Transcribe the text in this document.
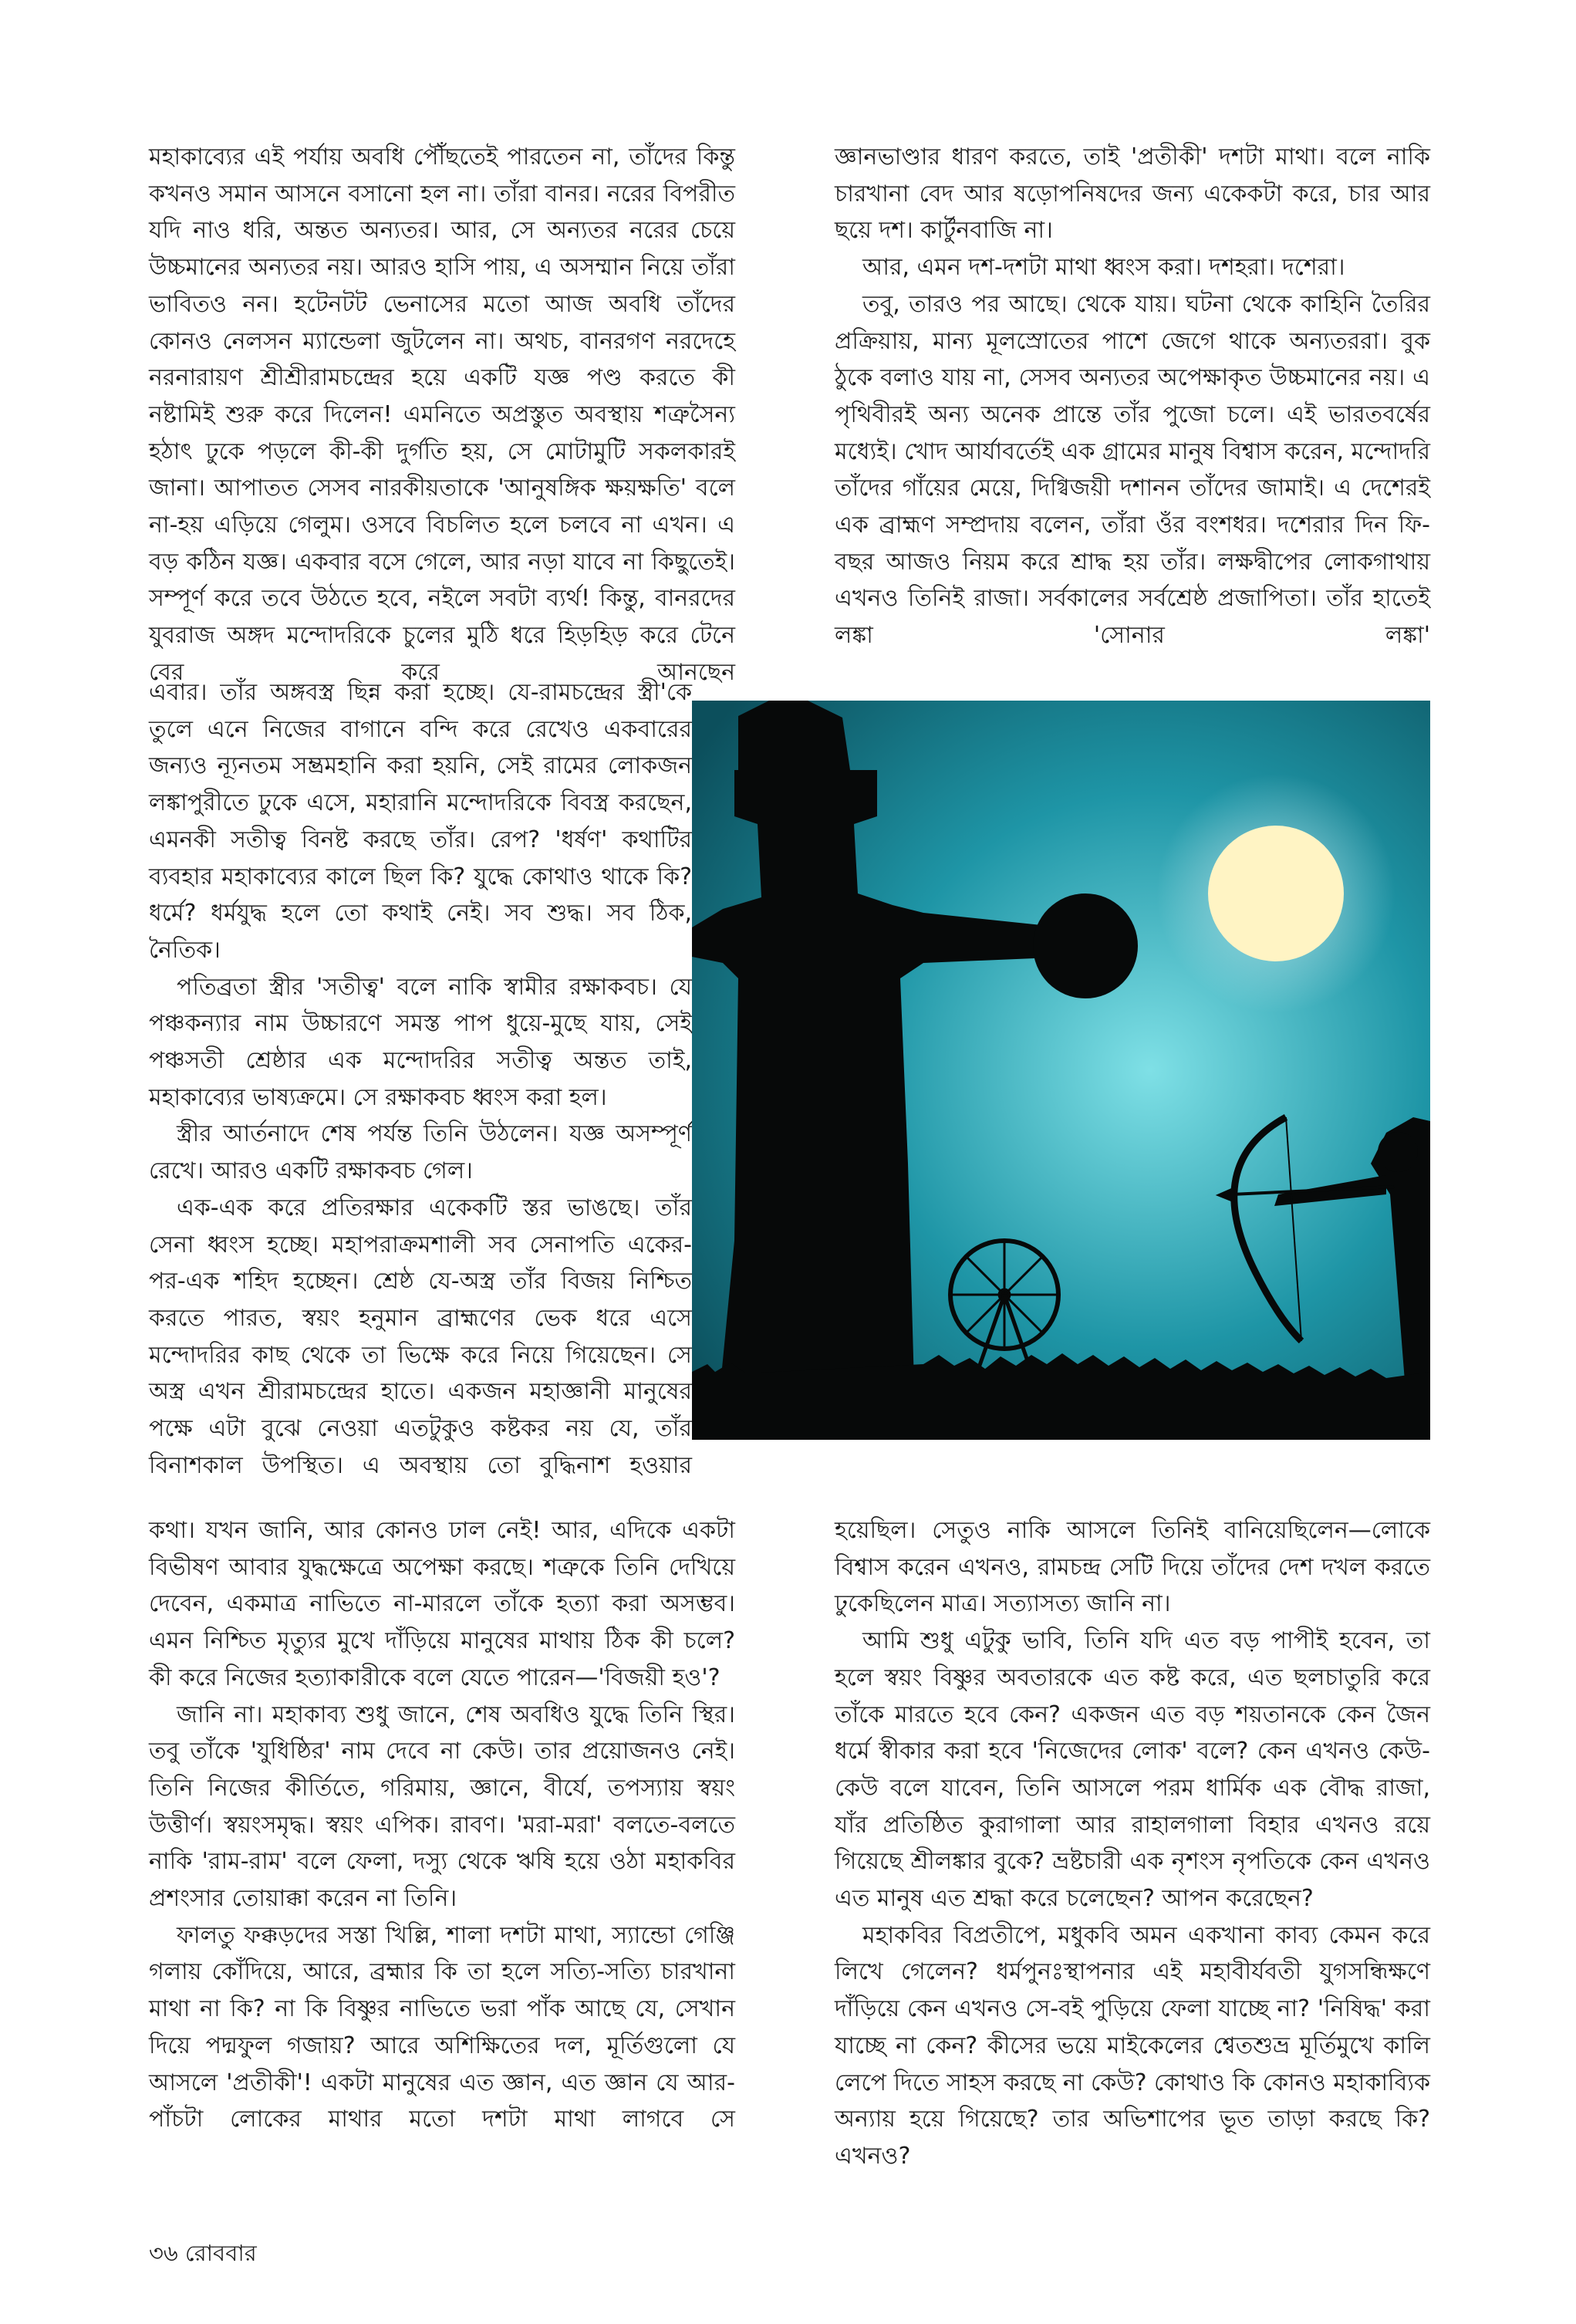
মহাকাব্যের এই পর্যায় অবধি পৌঁছতেই পারতেন না, তাঁদের কিন্তু কখনও সমান আসনে বসানো হল না। তাঁরা বানর। নরের বিপরীত যদি নাও ধরি, অন্তত অন্যতর। আর, সে অন্যতর নরের চেয়ে উচ্চমানের অন্যতর নয়। আরও হাসি পায়, এ অসম্মান নিয়ে তাঁরা ভাবিতও নন। হটেনটট ভেনাসের মতো আজ অবধি তাঁদের কোনও নেলসন ম্যান্ডেলা জুটলেন না। অথচ, বানরগণ নরদেহে নরনারায়ণ শ্রীশ্রীরামচন্দ্রের হয়ে একটি যজ্ঞ পণ্ড করতে কী নষ্টামিই শুরু করে দিলেন! এমনিতে অপ্রস্তুত অবস্থায় শত্রুসৈন্য হঠাৎ ঢুকে পড়লে কী-কী দুর্গতি হয়, সে মোটামুটি সকলকারই জানা। আপাতত সেসব নারকীয়তাকে 'আনুষঙ্গিক ক্ষয়ক্ষতি' বলে না-হয় এড়িয়ে গেলুম। ওসবে বিচলিত হলে চলবে না এখন। এ বড় কঠিন যজ্ঞ। একবার বসে গেলে, আর নড়া যাবে না কিছুতেই। সম্পূর্ণ করে তবে উঠতে হবে, নইলে সবটা ব্যর্থ! কিন্তু, বানরদের যুবরাজ অঙ্গদ মন্দোদরিকে চুলের মুঠি ধরে হিড়হিড় করে টেনে বের করে আনছেন

এবার। তাঁর অঙ্গবস্ত্র ছিন্ন করা হচ্ছে। যে-রামচন্দ্রের স্ত্রী'কে তুলে এনে নিজের বাগানে বন্দি করে রেখেও একবারের জন্যও ন্যূনতম সম্ভ্রমহানি করা হয়নি, সেই রামের লোকজন লঙ্কাপুরীতে ঢুকে এসে, মহারানি মন্দোদরিকে বিবস্ত্র করছেন, এমনকী সতীত্ব বিনষ্ট করছে তাঁর। রেপ? 'ধর্ষণ' কথাটির ব্যবহার মহাকাব্যের কালে ছিল কি? যুদ্ধে কোথাও থাকে কি? ধর্মে? ধর্মযুদ্ধ হলে তো কথাই নেই। সব শুদ্ধ। সব ঠিক, নৈতিক।

পতিব্রতা স্ত্রীর 'সতীত্ব' বলে নাকি স্বামীর রক্ষাকবচ। যে পঞ্চকন্যার নাম উচ্চারণে সমস্ত পাপ ধুয়ে-মুছে যায়, সেই পঞ্চসতী শ্রেষ্ঠার এক মন্দোদরির সতীত্ব অন্তত তাই, মহাকাব্যের ভাষ্যক্রমে। সে রক্ষাকবচ ধ্বংস করা হল।

স্ত্রীর আর্তনাদে শেষ পর্যন্ত তিনি উঠলেন। যজ্ঞ অসম্পূর্ণ রেখে। আরও একটি রক্ষাকবচ গেল।

এক-এক করে প্রতিরক্ষার একেকটি স্তর ভাঙছে। তাঁর সেনা ধ্বংস হচ্ছে। মহাপরাক্রমশালী সব সেনাপতি একের-পর-এক শহিদ হচ্ছেন। শ্রেষ্ঠ যে-অস্ত্র তাঁর বিজয় নিশ্চিত করতে পারত, স্বয়ং হনুমান ব্রাহ্মণের ভেক ধরে এসে মন্দোদরির কাছ থেকে তা ভিক্ষে করে নিয়ে গিয়েছেন। সে অস্ত্র এখন শ্রীরামচন্দ্রের হাতে। একজন মহাজ্ঞানী মানুষের পক্ষে এটা বুঝে নেওয়া এতটুকুও কষ্টকর নয় যে, তাঁর বিনাশকাল উপস্থিত। এ অবস্থায় তো বুদ্ধিনাশ হওয়ার

কথা। যখন জানি, আর কোনও ঢাল নেই! আর, এদিকে একটা বিভীষণ আবার যুদ্ধক্ষেত্রে অপেক্ষা করছে। শত্রুকে তিনি দেখিয়ে দেবেন, একমাত্র নাভিতে না-মারলে তাঁকে হত্যা করা অসম্ভব। এমন নিশ্চিত মৃত্যুর মুখে দাঁড়িয়ে মানুষের মাথায় ঠিক কী চলে? কী করে নিজের হত্যাকারীকে বলে যেতে পারেন—'বিজয়ী হও'?

জানি না। মহাকাব্য শুধু জানে, শেষ অবধিও যুদ্ধে তিনি স্থির। তবু তাঁকে 'যুধিষ্ঠির' নাম দেবে না কেউ। তার প্রয়োজনও নেই। তিনি নিজের কীর্তিতে, গরিমায়, জ্ঞানে, বীর্যে, তপস্যায় স্বয়ং উত্তীর্ণ। স্বয়ংসমৃদ্ধ। স্বয়ং এপিক। রাবণ। 'মরা-মরা' বলতে-বলতে নাকি 'রাম-রাম' বলে ফেলা, দস্যু থেকে ঋষি হয়ে ওঠা মহাকবির প্রশংসার তোয়াক্কা করেন না তিনি।

ফালতু ফক্কড়দের সস্তা খিল্লি, শালা দশটা মাথা, স্যান্ডো গেঞ্জি গলায় কোঁদিয়ে, আরে, ব্রহ্মার কি তা হলে সত্যি-সত্যি চারখানা মাথা না কি? না কি বিষ্ণুর নাভিতে ভরা পাঁক আছে যে, সেখান দিয়ে পদ্মফুল গজায়? আরে অশিক্ষিতের দল, মূর্তিগুলো যে আসলে 'প্রতীকী'! একটা মানুষের এত জ্ঞান, এত জ্ঞান যে আর-পাঁচটা লোকের মাথার মতো দশটা মাথা লাগবে সে

জ্ঞানভাণ্ডার ধারণ করতে, তাই 'প্রতীকী' দশটা মাথা। বলে নাকি চারখানা বেদ আর ষড়োপনিষদের জন্য একেকটা করে, চার আর ছয়ে দশ। কার্টুনবাজি না।

আর, এমন দশ-দশটা মাথা ধ্বংস করা। দশহরা। দশেরা।

তবু, তারও পর আছে। থেকে যায়। ঘটনা থেকে কাহিনি তৈরির প্রক্রিয়ায়, মান্য মূলস্রোতের পাশে জেগে থাকে অন্যতররা। বুক ঠুকে বলাও যায় না, সেসব অন্যতর অপেক্ষাকৃত উচ্চমানের নয়। এ পৃথিবীরই অন্য অনেক প্রান্তে তাঁর পুজো চলে। এই ভারতবর্ষের মধ্যেই। খোদ আর্যাবর্তেই এক গ্রামের মানুষ বিশ্বাস করেন, মন্দোদরি তাঁদের গাঁয়ের মেয়ে, দিগ্বিজয়ী দশানন তাঁদের জামাই। এ দেশেরই এক ব্রাহ্মণ সম্প্রদায় বলেন, তাঁরা ওঁর বংশধর। দশেরার দিন ফি-বছর আজও নিয়ম করে শ্রাদ্ধ হয় তাঁর। লক্ষদ্বীপের লোকগাথায় এখনও তিনিই রাজা। সর্বকালের সর্বশ্রেষ্ঠ প্রজাপিতা। তাঁর হাতেই লঙ্কা 'সোনার লঙ্কা'

হয়েছিল। সেতুও নাকি আসলে তিনিই বানিয়েছিলেন—লোকে বিশ্বাস করেন এখনও, রামচন্দ্র সেটি দিয়ে তাঁদের দেশ দখল করতে ঢুকেছিলেন মাত্র। সত্যাসত্য জানি না।

আমি শুধু এটুকু ভাবি, তিনি যদি এত বড় পাপীই হবেন, তা হলে স্বয়ং বিষ্ণুর অবতারকে এত কষ্ট করে, এত ছলচাতুরি করে তাঁকে মারতে হবে কেন? একজন এত বড় শয়তানকে কেন জৈন ধর্মে স্বীকার করা হবে 'নিজেদের লোক' বলে? কেন এখনও কেউ-কেউ বলে যাবেন, তিনি আসলে পরম ধার্মিক এক বৌদ্ধ রাজা, যাঁর প্রতিষ্ঠিত কুরাগালা আর রাহালগালা বিহার এখনও রয়ে গিয়েছে শ্রীলঙ্কার বুকে? ভ্রষ্টচারী এক নৃশংস নৃপতিকে কেন এখনও এত মানুষ এত শ্রদ্ধা করে চলেছেন? আপন করেছেন?

মহাকবির বিপ্রতীপে, মধুকবি অমন একখানা কাব্য কেমন করে লিখে গেলেন? ধর্মপুনঃস্থাপনার এই মহাবীর্যবতী যুগসন্ধিক্ষণে দাঁড়িয়ে কেন এখনও সে-বই পুড়িয়ে ফেলা যাচ্ছে না? 'নিষিদ্ধ' করা যাচ্ছে না কেন? কীসের ভয়ে মাইকেলের শ্বেতশুভ্র মূর্তিমুখে কালি লেপে দিতে সাহস করছে না কেউ? কোথাও কি কোনও মহাকাব্যিক অন্যায় হয়ে গিয়েছে? তার অভিশাপের ভূত তাড়া করছে কি? এখনও?

৩৬ রোববার
